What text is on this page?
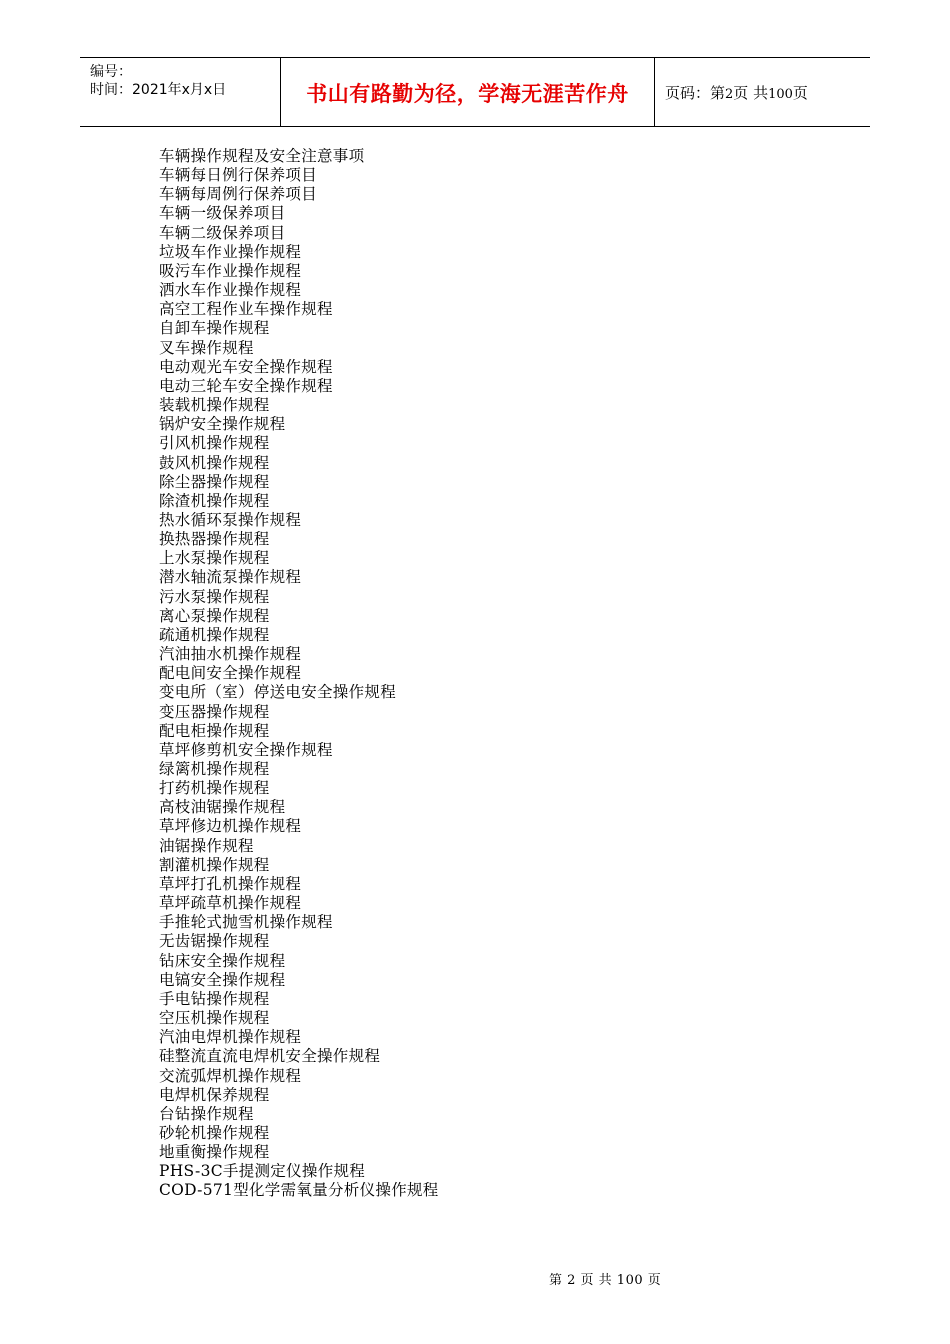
编号：
时间：2021年x月x日	书山有路勤为径，学海无涯苦作舟	页码：第2页 共100页
车辆操作规程及安全注意事项
车辆每日例行保养项目
车辆每周例行保养项目
车辆一级保养项目
车辆二级保养项目
垃圾车作业操作规程
吸污车作业操作规程
洒水车作业操作规程
高空工程作业车操作规程
自卸车操作规程
叉车操作规程
电动观光车安全操作规程
电动三轮车安全操作规程
装载机操作规程
锅炉安全操作规程
引风机操作规程
鼓风机操作规程
除尘器操作规程
除渣机操作规程
热水循环泵操作规程
换热器操作规程
上水泵操作规程
潜水轴流泵操作规程
污水泵操作规程
离心泵操作规程
疏通机操作规程
汽油抽水机操作规程
配电间安全操作规程
变电所（室）停送电安全操作规程
变压器操作规程
配电柜操作规程
草坪修剪机安全操作规程
绿篱机操作规程
打药机操作规程
高枝油锯操作规程
草坪修边机操作规程
油锯操作规程
割灌机操作规程
草坪打孔机操作规程
草坪疏草机操作规程
手推轮式抛雪机操作规程
无齿锯操作规程
钻床安全操作规程
电镐安全操作规程
手电钻操作规程
空压机操作规程
汽油电焊机操作规程
硅整流直流电焊机安全操作规程
交流弧焊机操作规程
电焊机保养规程
台钻操作规程
砂轮机操作规程
地重衡操作规程
PHS-3C手提测定仪操作规程
COD-571型化学需氧量分析仪操作规程
第 2 页 共 100 页
